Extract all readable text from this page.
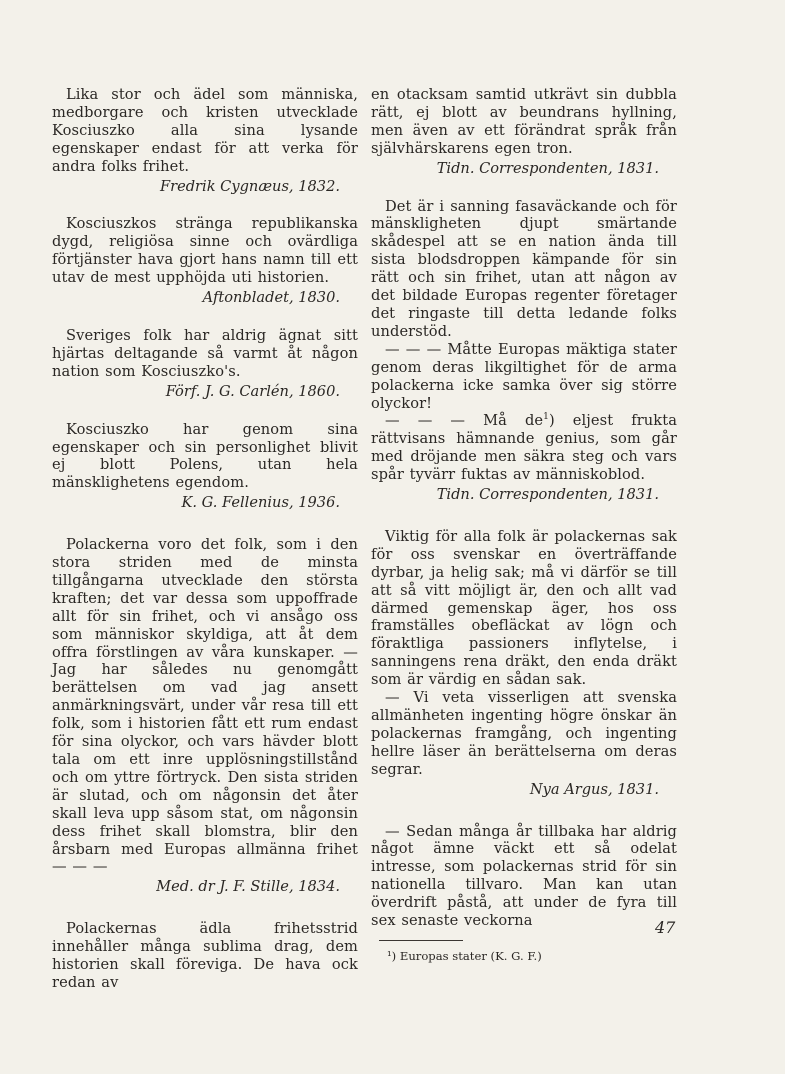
Lika stor och ädel som människa, medborgare och kristen utvecklade Kosciuszko alla sina lysande egenskaper endast för att verka för andra folks frihet.

Fredrik Cygnæus, 1832.

Kosciuszkos stränga republikanska dygd, religiösa sinne och ovärdliga förtjänster hava gjort hans namn till ett utav de mest upphöjda uti historien.

Aftonbladet, 1830.

Sveriges folk har aldrig ägnat sitt hjärtas deltagande så varmt åt någon nation som Kosciuszko's.

Förf. J. G. Carlén, 1860.

Kosciuszko har genom sina egenskaper och sin personlighet blivit ej blott Polens, utan hela mänsklighetens egendom.

K. G. Fellenius, 1936.

Polackerna voro det folk, som i den stora striden med de minsta tillgångarna utvecklade den största kraften; det var dessa som uppoffrade allt för sin frihet, och vi ansågo oss som människor skyldiga, att åt dem offra förstlingen av våra kunskaper. — Jag har således nu genomgått berättelsen om vad jag ansett anmärkningsvärt, under vår resa till ett folk, som i historien fått ett rum endast för sina olyckor, och vars hävder blott tala om ett inre upplösningstillstånd och om yttre förtryck. Den sista striden är slutad, och om någonsin det åter skall leva upp såsom stat, om någonsin dess frihet skall blomstra, blir den årsbarn med Europas allmänna frihet — — —

Med. dr J. F. Stille, 1834.

Polackernas ädla frihetsstrid innehåller många sublima drag, dem historien skall föreviga. De hava ock redan av

en otacksam samtid utkrävt sin dubbla rätt, ej blott av beundrans hyllning, men även av ett förändrat språk från självhärskarens egen tron.

Tidn. Correspondenten, 1831.

Det är i sanning fasaväckande och för mänskligheten djupt smärtande skådespel att se en nation ända till sista blodsdroppen kämpande för sin rätt och sin frihet, utan att någon av det bildade Europas regenter företager det ringaste till detta ledande folks understöd.

— — — Måtte Europas mäktiga stater genom deras likgiltighet för de arma polackerna icke samka över sig större olyckor!

— — — Må $de^1$) eljest frukta rättvisans hämnande genius, som går med dröjande men säkra steg och vars spår tyvärr fuktas av människoblod.

Tidn. Correspondenten, 1831.

Viktig för alla folk är polackernas sak för oss svenskar en överträffande dyrbar, ja helig sak; må vi därför se till att så vitt möjligt är, den och allt vad därmed gemenskap äger, hos oss framställes obefläckat av lögn och föraktliga passioners inflytelse, i sanningens rena dräkt, den enda dräkt som är värdig en sådan sak.

— Vi veta visserligen att svenska allmänheten ingenting högre önskar än polackernas framgång, och ingenting hellre läser än berättelserna om deras segrar.

Nya Argus, 1831.

— Sedan många år tillbaka har aldrig något ämne väckt ett så odelat intresse, som polackernas strid för sin nationella tillvaro. Man kan utan överdrift påstå, att under de fyra till sex senaste veckorna

¹) Europas stater (K. G. F.)
47
